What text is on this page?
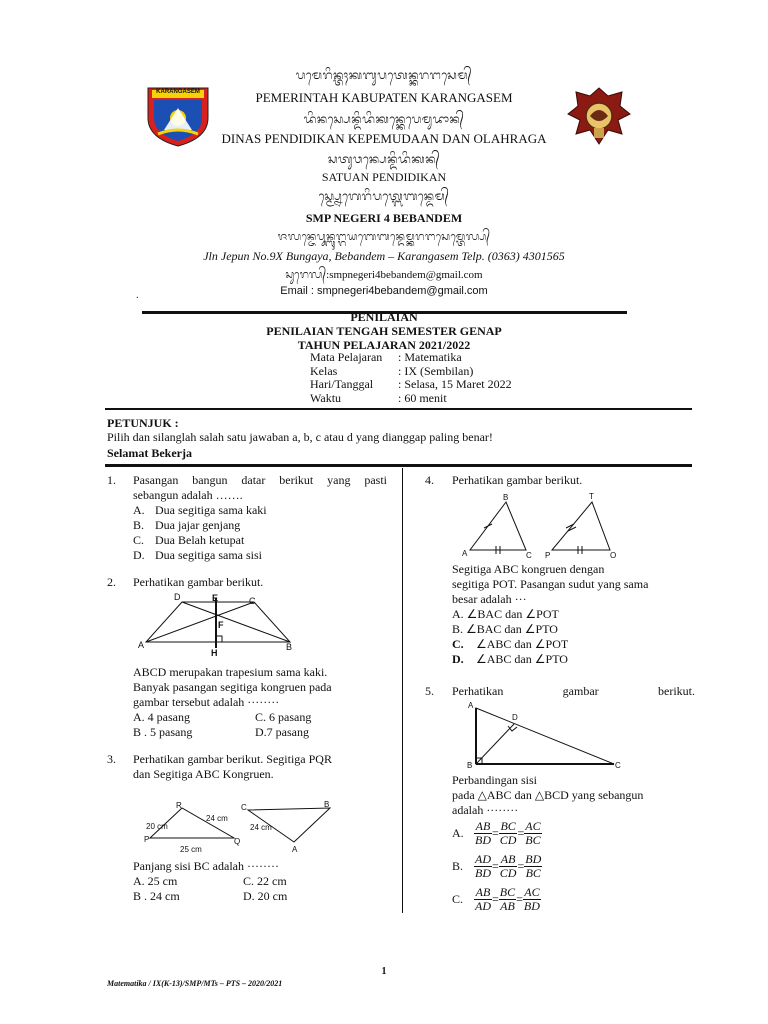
KARANGASEM
ᬧᬫᬾᬭᬶᬦ᭄ᬢᬄᬓᬩᬸᬧᬢᬾᬦ᭄ᬓᬭᬗᬲᬾᬫ᭄
PEMERINTAH KABUPATEN KARANGASEM
ᬤᬶᬦᬲ᭄ᬧᬾᬦ᭄ᬤᬶᬤᬶᬓᬦ᭄ᬓᬾᬧᬾᬫᬸᬤᬵᬦ᭄
DINAS PENDIDIKAN KEPEMUDAAN DAN OLAHRAGA
ᬲᬢᬸᬯᬦ᭄ᬧᬾᬦ᭄ᬤᬶᬤᬶᬓᬦ᭄
SATUAN PENDIDIKAN
ᬲ᭄ᬫ᭄ᬧ᭄ᬦᬾᬕᬾᬭᬶᬧᬢ᭄ᬩᬾᬩᬦ᭄ᬤᬾᬫ᭄
SMP NEGERI 4 BEBANDEM
ᬚᬮᬦ᭄ᬚᬾᬧᬸᬦ᭄ᬩᬸᬗ᭄ᬕᬬᬩᬾᬩᬦ᭄ᬤᬾᬫ᭄ᬓᬭᬗᬲᬾᬫ᭄ᬢᬾᬮ᭄ᬧ᭄
Jln Jepun No.9X Bungaya, Bebandem – Karangasem Telp. (0363) 4301565
ᬲᬸᬭᬾᬮ᭄:smpnegeri4bebandem@gmail.com
Email : smpnegeri4bebandem@gmail.com
.
PENILAIAN
PENILAIAN TENGAH SEMESTER GENAP
TAHUN PELAJARAN 2021/2022
Mata Pelajaran	: Matematika
Kelas	: IX (Sembilan)
Hari/Tanggal	: Selasa, 15 Maret 2022
Waktu	: 60 menit
PETUNJUK :
Pilih dan silanglah salah satu jawaban a, b, c atau d yang dianggap paling benar!
Selamat Bekerja
1.	Pasangan bangun datar berikut yang pasti
sebangun adalah …….
A. Dua segitiga sama kaki
B. Dua jajar genjang
C. Dua Belah ketupat
D. Dua segitiga sama sisi
2.	Perhatikan gambar berikut.
D	E	C
F
A
H
B
ABCD merupakan trapesium sama kaki.
Banyak pasangan segitiga kongruen pada
gambar tersebut adalah ········
A. 4 pasang	C. 6 pasang
B . 5 pasang	D.7 pasang
3.	Perhatikan gambar berikut. Segitiga PQR
dan Segitiga ABC Kongruen.
R
P	Q
20 cm
24 cm
25 cm
C	B
A
24 cm
Panjang sisi BC adalah ········
A. 25 cm	C. 22 cm
B . 24 cm	D. 20 cm
4.	Perhatikan gambar berikut.
B
A	C
T
P	O
Segitiga ABC kongruen dengan
segitiga POT. Pasangan sudut yang sama
besar adalah ···
A. ∠BAC dan ∠POT
B. ∠BAC dan ∠PTO
C.	∠ABC dan ∠POT
D.	∠ABC dan ∠PTO
5.	Perhatikan	gambar	berikut.
A
D
B	C
Perbandingan sisi
pada △ABC dan △BCD yang sebangun
adalah ········
A. $\frac{AB}{BD} = \frac{BC}{CD} = \frac{AC}{BC}$
B. $\frac{AD}{BD} = \frac{AB}{CD} = \frac{BD}{BC}$
C. $\frac{AB}{AD} = \frac{BC}{AB} = \frac{AC}{BD}$
1
Matematika / IX(K-13)/SMP/MTs – PTS – 2020/2021
